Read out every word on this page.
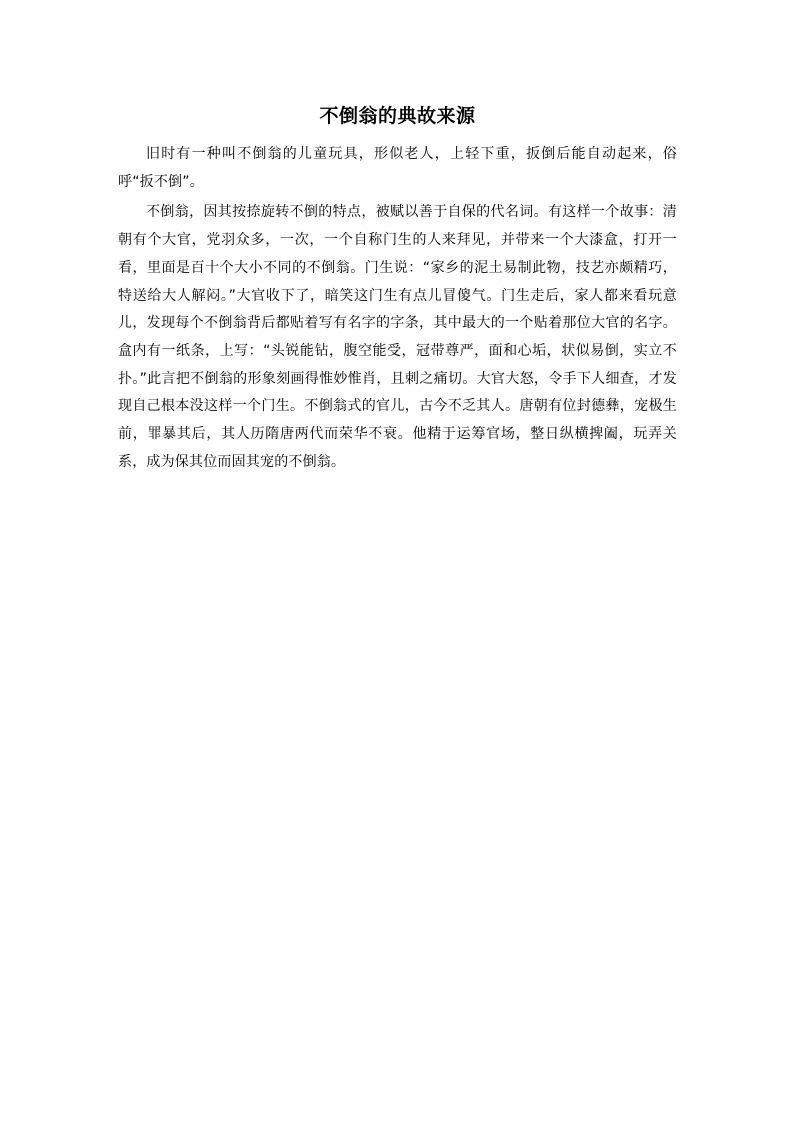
不倒翁的典故来源

旧时有一种叫不倒翁的儿童玩具，形似老人，上轻下重，扳倒后能自动起来，俗呼“扳不倒”。

不倒翁，因其按捺旋转不倒的特点，被赋以善于自保的代名词。有这样一个故事：清朝有个大官，党羽众多，一次，一个自称门生的人来拜见，并带来一个大漆盒，打开一看，里面是百十个大小不同的不倒翁。门生说：“家乡的泥土易制此物，技艺亦颇精巧，特送给大人解闷。”大官收下了，暗笑这门生有点儿冒傻气。门生走后，家人都来看玩意儿，发现每个不倒翁背后都贴着写有名字的字条，其中最大的一个贴着那位大官的名字。盒内有一纸条，上写：“头锐能钻，腹空能受，冠带尊严，面和心垢，状似易倒，实立不扑。”此言把不倒翁的形象刻画得惟妙惟肖，且刺之痛切。大官大怒，令手下人细查，才发现自己根本没这样一个门生。不倒翁式的官儿，古今不乏其人。唐朝有位封德彝，宠极生前，罪暴其后，其人历隋唐两代而荣华不衰。他精于运筹官场，整日纵横捭阖，玩弄关系，成为保其位而固其宠的不倒翁。
